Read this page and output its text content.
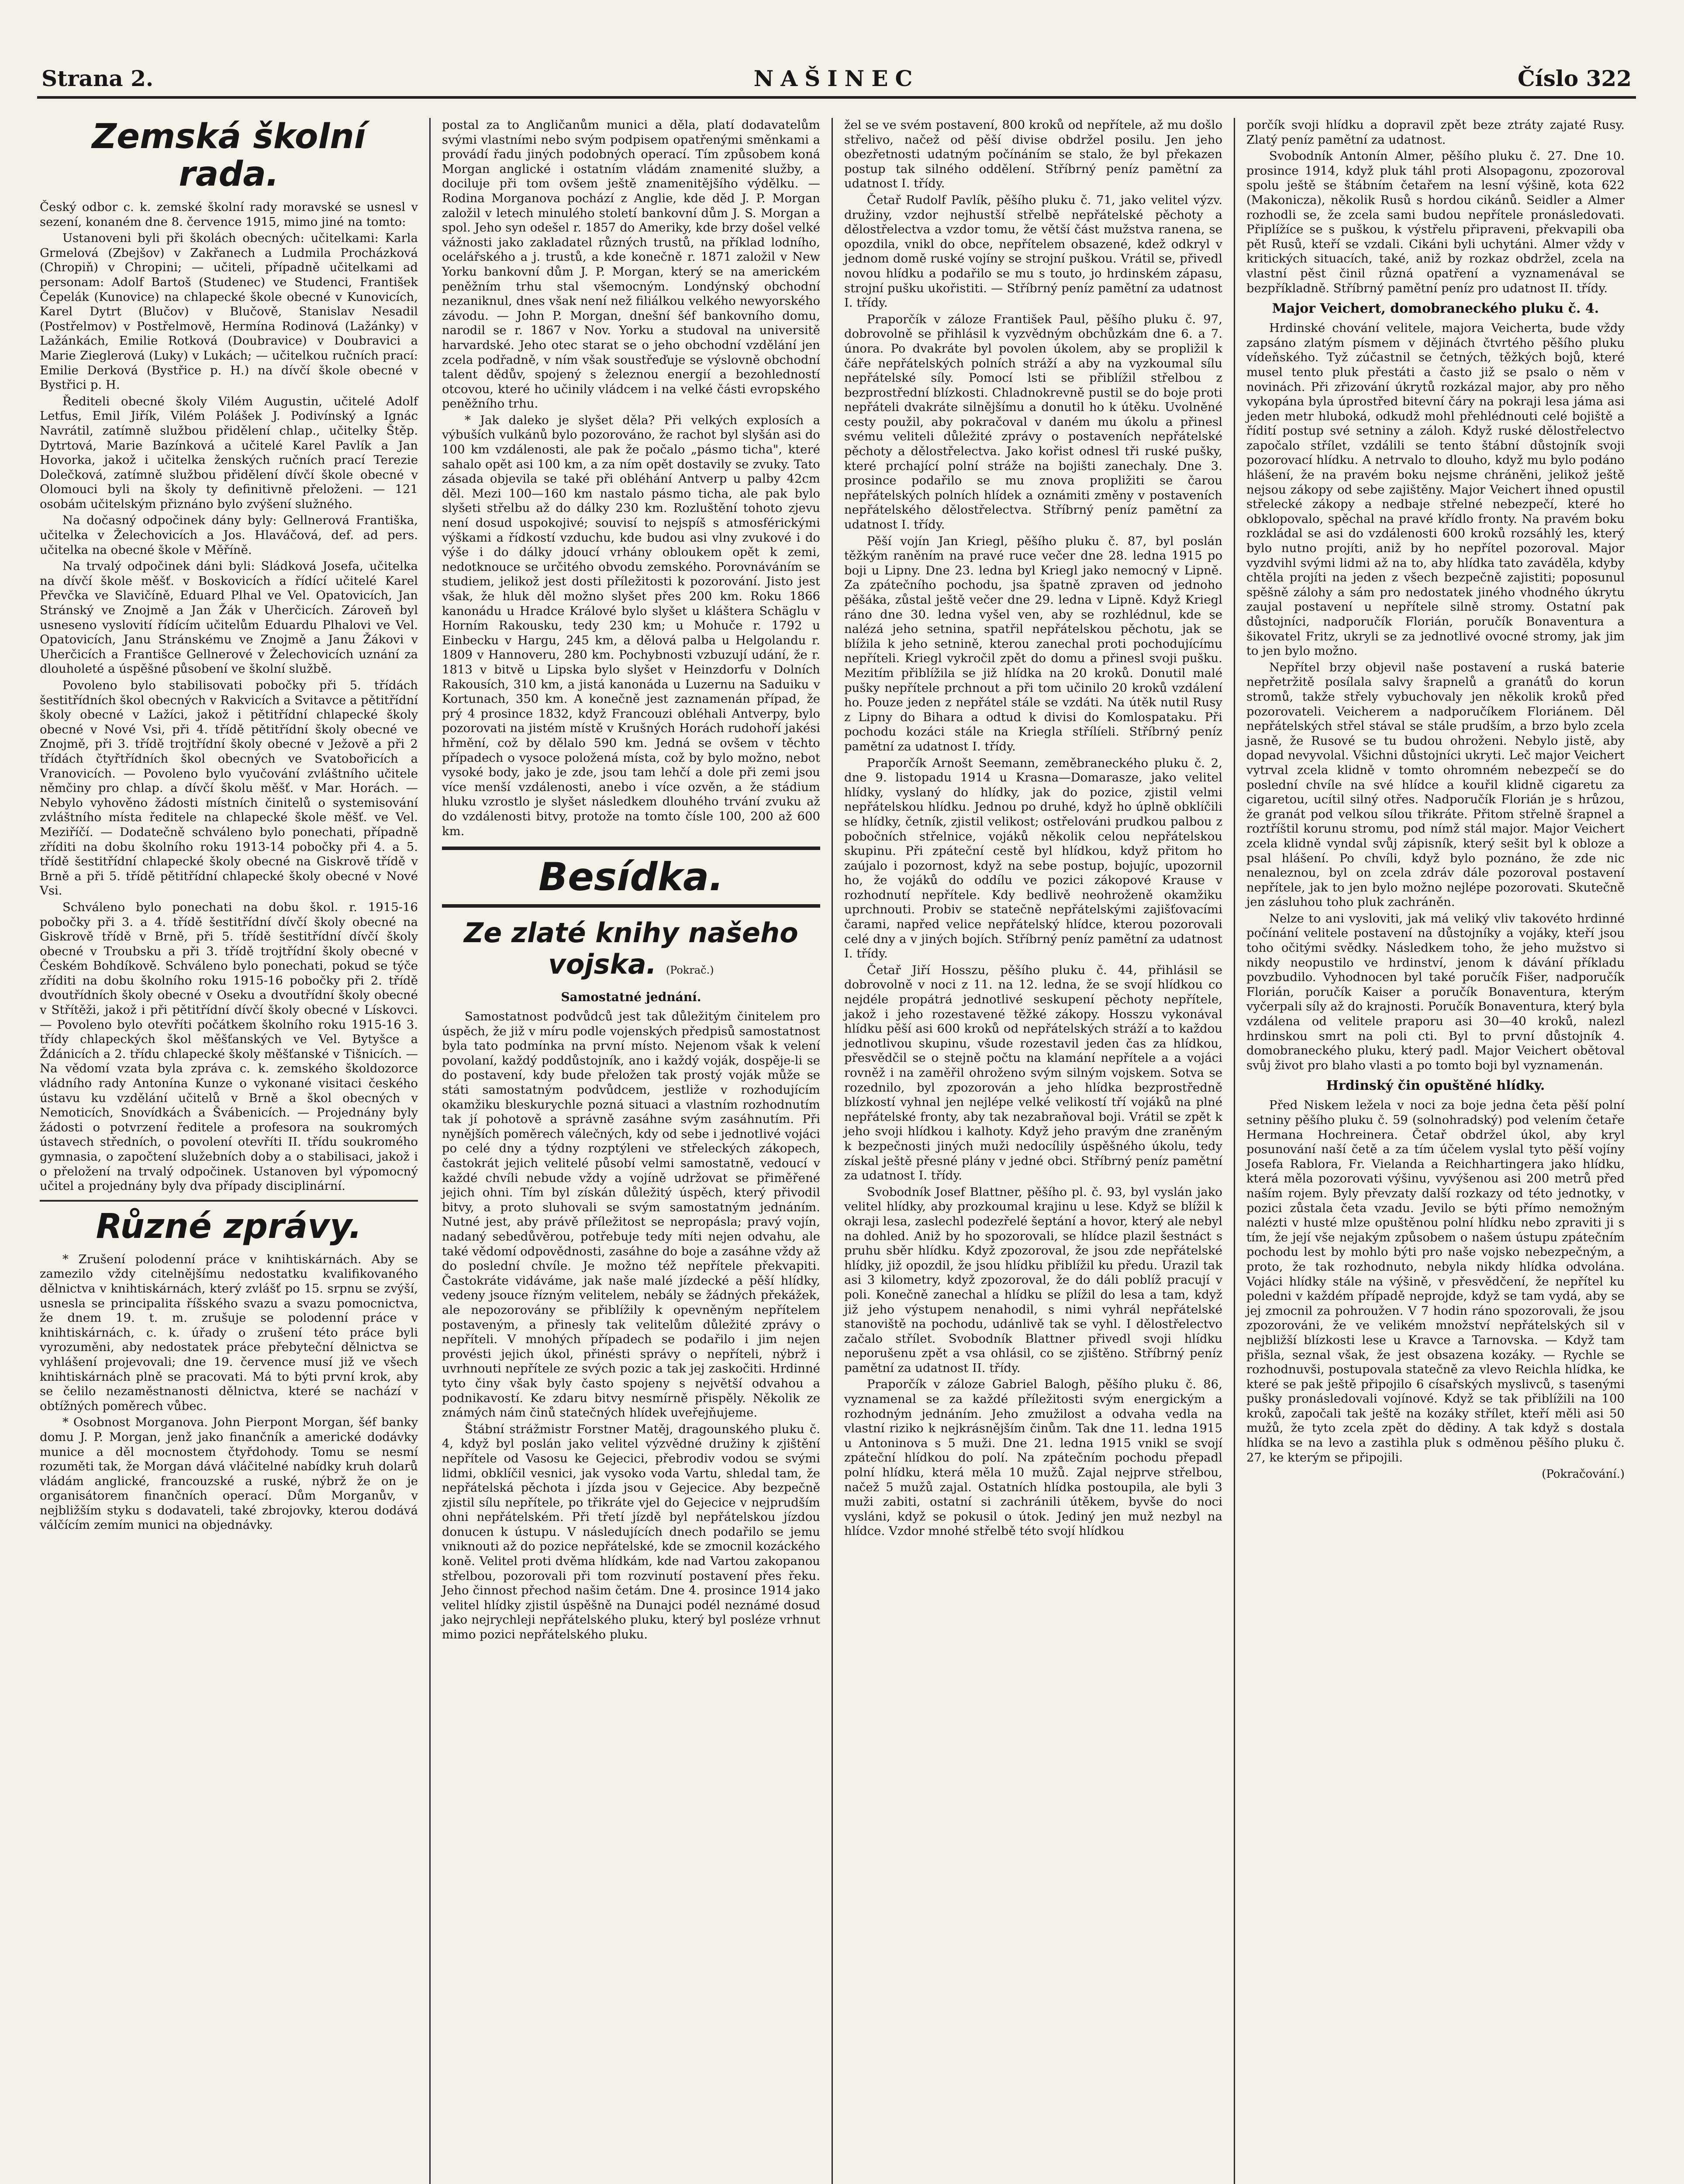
Strana 2.	NAŠINEC	Číslo 322
Zemská školní rada.

Český odbor c. k. zemské školní rady moravské se usnesl v sezení, konaném dne 8. července 1915, mimo jiné na tomto:

Ustanoveni byli při školách obecných: učitelkami: Karla Grmelová (Zbejšov) v Zakřanech a Ludmila Procházková (Chropiň) v Chropini; — učiteli, případně učitelkami ad personam: Adolf Bartoš (Studenec) ve Studenci, František Čepelák (Kunovice) na chlapecké škole obecné v Kunovicích, Karel Dytrt (Blučov) v Blučově, Stanislav Nesadil (Postřelmov) v Postřelmově, Hermína Rodinová (Lažánky) v Lažánkách, Emilie Rotková (Doubravice) v Doubravici a Marie Zieglerová (Luky) v Lukách; — učitelkou ručních prací: Emilie Derková (Bystřice p. H.) na dívčí škole obecné v Bystřici p. H.

Řediteli obecné školy Vilém Augustin, učitelé Adolf Letfus, Emil Jiřík, Vilém Polášek J. Podivínský a Ignác Navrátil, zatímně službou přidělení chlap., učitelky Štěp. Dytrtová, Marie Bazínková a učitelé Karel Pavlík a Jan Hovorka, jakož i učitelka ženských ručních prací Terezie Dolečková, zatímně službou přidělení dívčí škole obecné v Olomouci byli na školy ty definitivně přeloženi. — 121 osobám učitelským přiznáno bylo zvýšení služného.

Na dočasný odpočinek dány byly: Gellnerová Františka, učitelka v Želechovicích a Jos. Hlaváčová, def. ad pers. učitelka na obecné škole v Měříně.

Na trvalý odpočinek dáni byli: Sládková Josefa, učitelka na dívčí škole měšť. v Boskovicích a řídící učitelé Karel Převčka ve Slavičíně, Eduard Plhal ve Vel. Opatovicích, Jan Stránský ve Znojmě a Jan Žák v Uherčicích. Zároveň byl usneseno vyslovití řídícím učitelům Eduardu Plhalovi ve Vel. Opatovicích, Janu Stránskému ve Znojmě a Janu Žákovi v Uherčicích a Františce Gellnerové v Želechovicích uznání za dlouholeté a úspěšné působení ve školní službě.

Povoleno bylo stabilisovati pobočky při 5. třídách šestitřídních škol obecných v Rakvicích a Svitavce a pětitřídní školy obecné v Lažíci, jakož i pětitřídní chlapecké školy obecné v Nové Vsi, při 4. třídě pětitřídní školy obecné ve Znojmě, při 3. třídě trojtřídní školy obecné v Ježově a při 2 třídách čtyřtřídních škol obecných ve Svatobořicích a Vranovicích. — Povoleno bylo vyučování zvláštního učitele němčiny pro chlap. a dívčí školu měšť. v Mar. Horách. — Nebylo vyhověno žádosti místních činitelů o systemisování zvláštního místa ředitele na chlapecké škole měšť. ve Vel. Meziříčí. — Dodatečně schváleno bylo ponechati, případně zříditi na dobu školního roku 1913-14 pobočky při 4. a 5. třídě šestitřídní chlapecké školy obecné na Giskrově třídě v Brně a při 5. třídě pětitřídní chlapecké školy obecné v Nové Vsi.

Schváleno bylo ponechati na dobu škol. r. 1915-16 pobočky při 3. a 4. třídě šestitřídní dívčí školy obecné na Giskrově třídě v Brně, při 5. třídě šestitřídní dívčí školy obecné v Troubsku a při 3. třídě trojtřídní školy obecné v Českém Bohdíkově. Schváleno bylo ponechati, pokud se týče zříditi na dobu školního roku 1915-16 pobočky při 2. třídě dvoutřídních školy obecné v Oseku a dvoutřídní školy obecné v Střítěži, jakož i při pětitřídní dívčí školy obecné v Lískovci. — Povoleno bylo otevříti počátkem školního roku 1915-16 3. třídy chlapeckých škol měšťanských ve Vel. Bytyšce a Ždánicích a 2. třídu chlapecké školy měšťanské v Tišnicích. — Na vědomí vzata byla zpráva c. k. zemského školdozorce vládního rady Antonína Kunze o vykonané visitaci českého ústavu ku vzdělání učitelů v Brně a škol obecných v Nemoticích, Snovídkách a Švábenicích. — Projednány byly žádosti o potvrzení ředitele a profesora na soukromých ústavech středních, o povolení otevříti II. třídu soukromého gymnasia, o započtení služebních doby a o stabilisaci, jakož i o přeložení na trvalý odpočinek. Ustanoven byl výpomocný učitel a projednány byly dva případy disciplinární.

Různé zprávy.

* Zrušení polodenní práce v knihtiskárnách. Aby se zamezilo vždy citelnějšímu nedostatku kvalifikovaného dělnictva v knihtiskárnách, který zvlášť po 15. srpnu se zvýší, usnesla se principalita říšského svazu a svazu pomocnictva, že dnem 19. t. m. zrušuje se polodenní práce v knihtiskárnách, c. k. úřady o zrušení této práce byli vyrozuměni, aby nedostatek práce přebyteční dělnictva se vyhlášení projevovali; dne 19. července musí již ve všech knihtiskárnách plně se pracovati. Má to býti první krok, aby se čelilo nezaměstnanosti dělnictva, které se nachází v obtížných poměrech vůbec.

* Osobnost Morganova. John Pierpont Morgan, šéf banky domu J. P. Morgan, jenž jako finančník a americké dodávky munice a děl mocnostem čtyřdohody. Tomu se nesmí rozuměti tak, že Morgan dává vláčitelné nabídky kruh dolarů vládám anglické, francouzské a ruské, nýbrž že on je organisátorem finančních operací. Dům Morganův, v nejbližším styku s dodavateli, také zbrojovky, kterou dodává válčícím zemím munici na objednávky.

postal za to Angličanům munici a děla, platí dodavatelům svými vlastními nebo svým podpisem opatřenými směnkami a provádí řadu jiných podobných operací. Tím způsobem koná Morgan anglické i ostatním vládám znamenité služby, a dociluje při tom ovšem ještě znamenitějšího výdělku. — Rodina Morganova pochází z Anglie, kde děd J. P. Morgan založil v letech minulého století bankovní dům J. S. Morgan a spol. Jeho syn odešel r. 1857 do Ameriky, kde brzy došel velké vážnosti jako zakladatel různých trustů, na příklad lodního, ocelářského a j. trustů, a kde konečně r. 1871 založil v New Yorku bankovní dům J. P. Morgan, který se na americkém peněžním trhu stal všemocným. Londýnský obchodní nezaniknul, dnes však není než filiálkou velkého newyorského závodu. — John P. Morgan, dnešní šéf bankovního domu, narodil se r. 1867 v Nov. Yorku a studoval na universitě harvardské. Jeho otec starat se o jeho obchodní vzdělání jen zcela podřadně, v ním však soustřeďuje se výslovně obchodní talent dědův, spojený s železnou energií a bezohledností otcovou, které ho učinily vládcem i na velké části evropského peněžního trhu.

* Jak daleko je slyšet děla? Při velkých explosích a výbuších vulkánů bylo pozorováno, že rachot byl slyšán asi do 100 km vzdálenosti, ale pak že počalo „pásmo ticha", které sahalo opět asi 100 km, a za ním opět dostavily se zvuky. Tato zásada objevila se také při obléhání Antverp u palby 42cm děl. Mezi 100—160 km nastalo pásmo ticha, ale pak bylo slyšeti střelbu až do dálky 230 km. Rozluštění tohoto zjevu není dosud uspokojivé; souvisí to nejspíš s atmosférickými výškami a řídkostí vzduchu, kde budou asi vlny zvukové i do výše i do dálky jdoucí vrhány obloukem opět k zemi, nedotknouce se určitého obvodu zemského. Porovnáváním se studiem, jelikož jest dosti příležitosti k pozorování. Jisto jest však, že hluk děl možno slyšet přes 200 km. Roku 1866 kanonádu u Hradce Králové bylo slyšet u kláštera Schäglu v Horním Rakousku, tedy 230 km; u Mohuče r. 1792 u Einbecku v Hargu, 245 km, a dělová palba u Helgolandu r. 1809 v Hannoveru, 280 km. Pochybnosti vzbuzují udání, že r. 1813 v bitvě u Lipska bylo slyšet v Heinzdorfu v Dolních Rakousích, 310 km, a jistá kanonáda u Luzernu na Saduiku v Kortunach, 350 km. A konečně jest zaznamenán případ, že prý 4 prosince 1832, když Francouzi obléhali Antverpy, bylo pozorovati na jistém místě v Krušných Horách rudohoří jakési hřmění, což by dělalo 590 km. Jedná se ovšem v těchto případech o vysoce položená místa, což by bylo možno, nebot vysoké body, jako je zde, jsou tam lehčí a dole při zemi jsou více menší vzdálenosti, anebo i více ozvěn, a že stádium hluku vzrostlo je slyšet následkem dlouhého trvání zvuku až do vzdálenosti bitvy, protože na tomto čísle 100, 200 až 600 km.

Besídka.
Ze zlaté knihy našeho vojska. (Pokrač.)
Samostatné jednání.

Samostatnost podvůdců jest tak důležitým činitelem pro úspěch, že již v míru podle vojenských předpisů samostatnost byla tato podmínka na první místo. Nejenom však k velení povolaní, každý poddůstojník, ano i každý voják, dospěje-li se do postavení, kdy bude přeložen tak prostý voják může se státi samostatným podvůdcem, jestliže v rozhodujícím okamžiku bleskurychle pozná situaci a vlastním rozhodnutím tak jí pohotově a správně zasáhne svým zasáhnutím. Při nynějších poměrech válečných, kdy od sebe i jednotlivé vojáci po celé dny a týdny rozptýleni ve střeleckých zákopech, častokrát jejich velitelé působí velmi samostatně, vedoucí v každé chvíli nebude vždy a vojíně udržovat se přiměřené jejich ohni. Tím byl získán důležitý úspěch, který přivodil bitvy, a proto sluhovali se svým samostatným jednáním. Nutné jest, aby právě příležitost se nepropásla; pravý vojín, nadaný sebedůvěrou, potřebuje tedy míti nejen odvahu, ale také vědomí odpovědnosti, zasáhne do boje a zasáhne vždy až do poslední chvíle. Je možno též nepřítele překvapiti. Častokráte vidáváme, jak naše malé jízdecké a pěší hlídky, vedeny jsouce řízným velitelem, nebály se žádných překážek, ale nepozorovány se přiblížily k opevněným nepřítelem postaveným, a přinesly tak velitelům důležité zprávy o nepříteli. V mnohých případech se podařilo i jim nejen provésti jejich úkol, přinésti správy o nepříteli, nýbrž i uvrhnouti nepřítele ze svých pozic a tak jej zaskočiti. Hrdinné tyto činy však byly často spojeny s největší odvahou a podnikavostí. Ke zdaru bitvy nesmírně přispěly. Několik ze známých nám činů statečných hlídek uveřejňujeme.

Štábní strážmistr Forstner Matěj, dragounského pluku č. 4, když byl poslán jako velitel výzvědné družiny k zjištění nepřítele od Vasosu ke Gejecici, přebrodiv vodou se svými lidmi, obklíčil vesnici, jak vysoko voda Vartu, shledal tam, že nepřátelská pěchota i jízda jsou v Gejecice. Aby bezpečně zjistil sílu nepřítele, po třikráte vjel do Gejecice v nejprudším ohni nepřátelském. Při třetí jízdě byl nepřátelskou jízdou donucen k ústupu. V následujících dnech podařilo se jemu vniknouti až do pozice nepřátelské, kde se zmocnil kozáckého koně. Velitel proti dvěma hlídkám, kde nad Vartou zakopanou střelbou, pozorovali při tom rozvinutí postavení přes řeku. Jeho činnost přechod našim četám. Dne 4. prosince 1914 jako velitel hlídky zjistil úspěšně na Dunajci podél neznámé dosud jako nejrychleji nepřátelského pluku, který byl posléze vrhnut mimo pozici nepřátelského pluku.

žel se ve svém postavení, 800 kroků od nepřítele, až mu došlo střelivo, načež od pěší divise obdržel posilu. Jen jeho obezřetnosti udatným počínáním se stalo, že byl překazen postup tak silného oddělení. Stříbrný peníz pamětní za udatnost I. třídy.

Četař Rudolf Pavlík, pěšího pluku č. 71, jako velitel výzv. družiny, vzdor nejhustší střelbě nepřátelské pěchoty a dělostřelectva a vzdor tomu, že větší část mužstva ranena, se opozdila, vnikl do obce, nepřítelem obsazené, kdež odkryl v jednom domě ruské vojíny se strojní puškou. Vrátil se, přivedl novou hlídku a podařilo se mu s touto, jo hrdinském zápasu, strojní pušku ukořistiti. — Stříbrný peníz pamětní za udatnost I. třídy.

Praporčík v záloze František Paul, pěšího pluku č. 97, dobrovolně se přihlásil k vyzvědným obchůzkám dne 6. a 7. února. Po dvakráte byl povolen úkolem, aby se propližil k čáře nepřátelských polních stráží a aby na vyzkoumal sílu nepřátelské síly. Pomocí lsti se přiblížil střelbou z bezprostřední blízkosti. Chladnokrevně pustil se do boje proti nepřáteli dvakráte silnějšímu a donutil ho k útěku. Uvolněné cesty použil, aby pokračoval v daném mu úkolu a přinesl svému veliteli důležité zprávy o postaveních nepřátelské pěchoty a dělostřelectva. Jako kořist odnesl tři ruské pušky, které prchající polní stráže na bojišti zanechaly. Dne 3. prosince podařilo se mu znova propližiti se čarou nepřátelských polních hlídek a oznámiti změny v postaveních nepřátelského dělostřelectva. Stříbrný peníz pamětní za udatnost I. třídy.

Pěší vojín Jan Kriegl, pěšího pluku č. 87, byl poslán těžkým raněním na pravé ruce večer dne 28. ledna 1915 po boji u Lipny. Dne 23. ledna byl Kriegl jako nemocný v Lipně. Za zpátečního pochodu, jsa špatně zpraven od jednoho pěšáka, zůstal ještě večer dne 29. ledna v Lipně. Když Kriegl ráno dne 30. ledna vyšel ven, aby se rozhlédnul, kde se nalézá jeho setnina, spatřil nepřátelskou pěchotu, jak se blížila k jeho setnině, kterou zanechal proti pochodujícímu nepříteli. Kriegl vykročil zpět do domu a přinesl svoji pušku. Mezitím přiblížila se již hlídka na 20 kroků. Donutil malé pušky nepřítele prchnout a při tom učinilo 20 kroků vzdálení ho. Pouze jeden z nepřátel stále se vzdáti. Na útěk nutil Rusy z Lipny do Bihara a odtud k divisi do Komlospataku. Při pochodu kozáci stále na Kriegla střílíeli. Stříbrný peníz pamětní za udatnost I. třídy.

Praporčík Arnošt Seemann, zeměbraneckého pluku č. 2, dne 9. listopadu 1914 u Krasna—Domarasze, jako velitel hlídky, vyslaný do hlídky, jak do pozice, zjistil velmi nepřátelskou hlídku. Jednou po druhé, když ho úplně obklíčili se hlídky, četník, zjistil velikost; ostřelováni prudkou palbou z pobočních střelnice, vojáků několik celou nepřátelskou skupinu. Při zpáteční cestě byl hlídkou, když přitom ho zaújalo i pozornost, když na sebe postup, bojujíc, upozornil ho, že vojáků do oddílu ve pozici zákopové Krause v rozhodnutí nepřítele. Kdy bedlivě neohroženě okamžiku uprchnouti. Probiv se statečně nepřátelskými zajišťovacími čarami, napřed velice nepřátelský hlídce, kterou pozorovali celé dny a v jiných bojích. Stříbrný peníz pamětní za udatnost I. třídy.

Četař Jiří Hosszu, pěšího pluku č. 44, přihlásil se dobrovolně v noci z 11. na 12. ledna, že se svojí hlídkou co nejdéle propátrá jednotlivé seskupení pěchoty nepřítele, jakož i jeho rozestavené těžké zákopy. Hosszu vykonával hlídku pěší asi 600 kroků od nepřátelských stráží a to každou jednotlivou skupinu, všude rozestavil jeden čas za hlídkou, přesvědčil se o stejně počtu na klamání nepřítele a a vojáci rovněž i na zaměřil ohroženo svým silným vojskem. Sotva se rozednilo, byl zpozorován a jeho hlídka bezprostředně blízkostí vyhnal jen nejlépe velké velikostí tří vojáků na plné nepřátelské fronty, aby tak nezabraňoval boji. Vrátil se zpět k jeho svoji hlídkou i kalhoty. Když jeho pravým dne zraněným k bezpečnosti jiných muži nedocílily úspěšného úkolu, tedy získal ještě přesné plány v jedné obci. Stříbrný peníz pamětní za udatnost I. třídy.

Svobodník Josef Blattner, pěšího pl. č. 93, byl vyslán jako velitel hlídky, aby prozkoumal krajinu u lese. Když se blížil k okraji lesa, zaslechl podezřelé šeptání a hovor, který ale nebyl na dohled. Aniž by ho spozorovali, se hlídce plazil šestnáct s pruhu sběr hlídku. Když zpozoroval, že jsou zde nepřátelské hlídky, již opozdil, že jsou hlídku přiblížil ku předu. Urazil tak asi 3 kilometry, když zpozoroval, že do dáli poblíž pracují v poli. Konečně zanechal a hlídku se plížil do lesa a tam, když již jeho výstupem nenahodil, s nimi vyhrál nepřátelské stanoviště na pochodu, udánlivě tak se vyhl. I dělostřelectvo začalo střílet. Svobodník Blattner přivedl svoji hlídku neporušenu zpět a vsa ohlásil, co se zjištěno. Stříbrný peníz pamětní za udatnost II. třídy.

Praporčík v záloze Gabriel Balogh, pěšího pluku č. 86, vyznamenal se za každé příležitosti svým energickým a rozhodným jednáním. Jeho zmužilost a odvaha vedla na vlastní riziko k nejkrásnějším činům. Tak dne 11. ledna 1915 u Antoninova s 5 muži. Dne 21. ledna 1915 vnikl se svojí zpáteční hlídkou do polí. Na zpátečním pochodu přepadl polní hlídku, která měla 10 mužů. Zajal nejprve střelbou, načež 5 mužů zajal. Ostatních hlídka postoupila, ale byli 3 muži zabiti, ostatní si zachránili útěkem, byvše do noci vysláni, když se pokusil o útok. Jediný jen muž nezbyl na hlídce. Vzdor mnohé střelbě této svojí hlídkou

porčík svoji hlídku a dopravil zpět beze ztráty zajaté Rusy. Zlatý peníz pamětní za udatnost.

Svobodník Antonín Almer, pěšího pluku č. 27. Dne 10. prosince 1914, když pluk táhl proti Alsopagonu, zpozoroval spolu ještě se štábním četařem na lesní výšině, kota 622 (Makonicza), několik Rusů s hordou cikánů. Seidler a Almer rozhodli se, že zcela sami budou nepřítele pronásledovati. Připlížíce se s puškou, k výstřelu připraveni, překvapili oba pět Rusů, kteří se vzdali. Cikáni byli uchytáni. Almer vždy v kritických situacích, také, aniž by rozkaz obdržel, zcela na vlastní pěst činil různá opatření a vyznamenával se bezpříkladně. Stříbrný pamětní peníz pro udatnost II. třídy.

Major Veichert, domobraneckého pluku č. 4.

Hrdinské chování velitele, majora Veicherta, bude vždy zapsáno zlatým písmem v dějinách čtvrtého pěšího pluku vídeňského. Tyž zúčastnil se četných, těžkých bojů, které musel tento pluk přestáti a často již se psalo o něm v novinách. Při zřizování úkrytů rozkázal major, aby pro něho vykopána byla úprostřed bitevní čáry na pokraji lesa jáma asi jeden metr hluboká, odkudž mohl přehlédnouti celé bojiště a řídití postup své setniny a záloh. Když ruské dělostřelectvo započalo střílet, vzdálili se tento štábní důstojník svoji pozorovací hlídku. A netrvalo to dlouho, když mu bylo podáno hlášení, že na pravém boku nejsme chráněni, jelikož ještě nejsou zákopy od sebe zajištěny. Major Veichert ihned opustil střelecké zákopy a nedbaje střelné nebezpečí, které ho obklopovalo, spěchal na pravé křídlo fronty. Na pravém boku rozkládal se asi do vzdálenosti 600 kroků rozsáhlý les, který bylo nutno projíti, aniž by ho nepřítel pozoroval. Major vyzdvihl svými lidmi až na to, aby hlídka tato zaváděla, kdyby chtěla projíti na jeden z všech bezpečně zajistiti; poposunul spěšně zálohy a sám pro nedostatek jiného vhodného úkrytu zaujal postavení u nepřítele silně stromy. Ostatní pak důstojníci, nadporučík Florián, poručík Bonaventura a šikovatel Fritz, ukryli se za jednotlivé ovocné stromy, jak jim to jen bylo možno.

Nepřítel brzy objevil naše postavení a ruská baterie nepřetržitě posílala salvy šrapnelů a granátů do korun stromů, takže střely vybuchovaly jen několik kroků před pozorovateli. Veicherem a nadporučíkem Floriánem. Děl nepřátelských střel stával se stále prudším, a brzo bylo zcela jasně, že Rusové se tu budou ohroženi. Nebylo jistě, aby dopad nevyvolal. Všichni důstojníci ukryti. Leč major Veichert vytrval zcela klidně v tomto ohromném nebezpečí se do poslední chvíle na své hlídce a kouřil klidně cigaretu za cigaretou, ucítil silný otřes. Nadporučík Florián je s hrůzou, že granát pod velkou sílou třikráte. Přitom střelně šrapnel a roztříštil korunu stromu, pod nímž stál major. Major Veichert zcela klidně vyndal svůj zápisník, který sešit byl k obloze a psal hlášení. Po chvíli, když bylo poznáno, že zde nic nenaleznou, byl on zcela zdráv dále pozoroval postavení nepřítele, jak to jen bylo možno nejlépe pozorovati. Skutečně jen zásluhou toho pluk zachráněn.

Nelze to ani vysloviti, jak má veliký vliv takovéto hrdinné počínání velitele postavení na důstojníky a vojáky, kteří jsou toho očitými svědky. Následkem toho, že jeho mužstvo si nikdy neopustilo ve hrdinství, jenom k dávání příkladu povzbudilo. Vyhodnocen byl také poručík Fišer, nadporučík Florián, poručík Kaiser a poručík Bonaventura, kterým vyčerpali síly až do krajnosti. Poručík Bonaventura, který byla vzdálena od velitele praporu asi 30—40 kroků, nalezl hrdinskou smrt na poli cti. Byl to první důstojník 4. domobraneckého pluku, který padl. Major Veichert obětoval svůj život pro blaho vlasti a po tomto boji byl vyznamenán.

Hrdinský čin opuštěné hlídky.

Před Niskem ležela v noci za boje jedna četa pěší polní setniny pěšího pluku č. 59 (solnohradský) pod velením četaře Hermana Hochreinera. Četař obdržel úkol, aby kryl posunování naší četě a za tím účelem vyslal tyto pěší vojíny Josefa Rablora, Fr. Vielanda a Reichhartingera jako hlídku, která měla pozorovati výšinu, vyvýšenou asi 200 metrů před naším rojem. Byly převzaty další rozkazy od této jednotky, v pozici zůstala četa vzadu. Jevilo se býti přímo nemožným nalézti v husté mlze opuštěnou polní hlídku nebo zpraviti ji s tím, že její vše nejakým způsobem o našem ústupu zpátečním pochodu lest by mohlo býti pro naše vojsko nebezpečným, a proto, že tak rozhodnuto, nebyla nikdy hlídka odvolána. Vojáci hlídky stále na výšině, v přesvědčení, že nepřítel ku poledni v každém případě neprojde, když se tam vydá, aby se jej zmocnil za pohroužen. V 7 hodin ráno spozorovali, že jsou zpozorováni, že ve velikém množství nepřátelských sil v nejbližší blízkosti lese u Kravce a Tarnovska. — Když tam přišla, seznal však, že jest obsazena kozáky. — Rychle se rozhodnuvši, postupovala statečně za vlevo Reichla hlídka, ke které se pak ještě připojilo 6 císařských myslivců, s tasenými pušky pronásledovali vojínové. Když se tak přiblížili na 100 kroků, započali tak ještě na kozáky střílet, kteří měli asi 50 mužů, že tyto zcela zpět do dědiny. A tak když s dostala hlídka se na levo a zastihla pluk s odměnou pěšího pluku č. 27, ke kterým se připojili.

(Pokračování.)
